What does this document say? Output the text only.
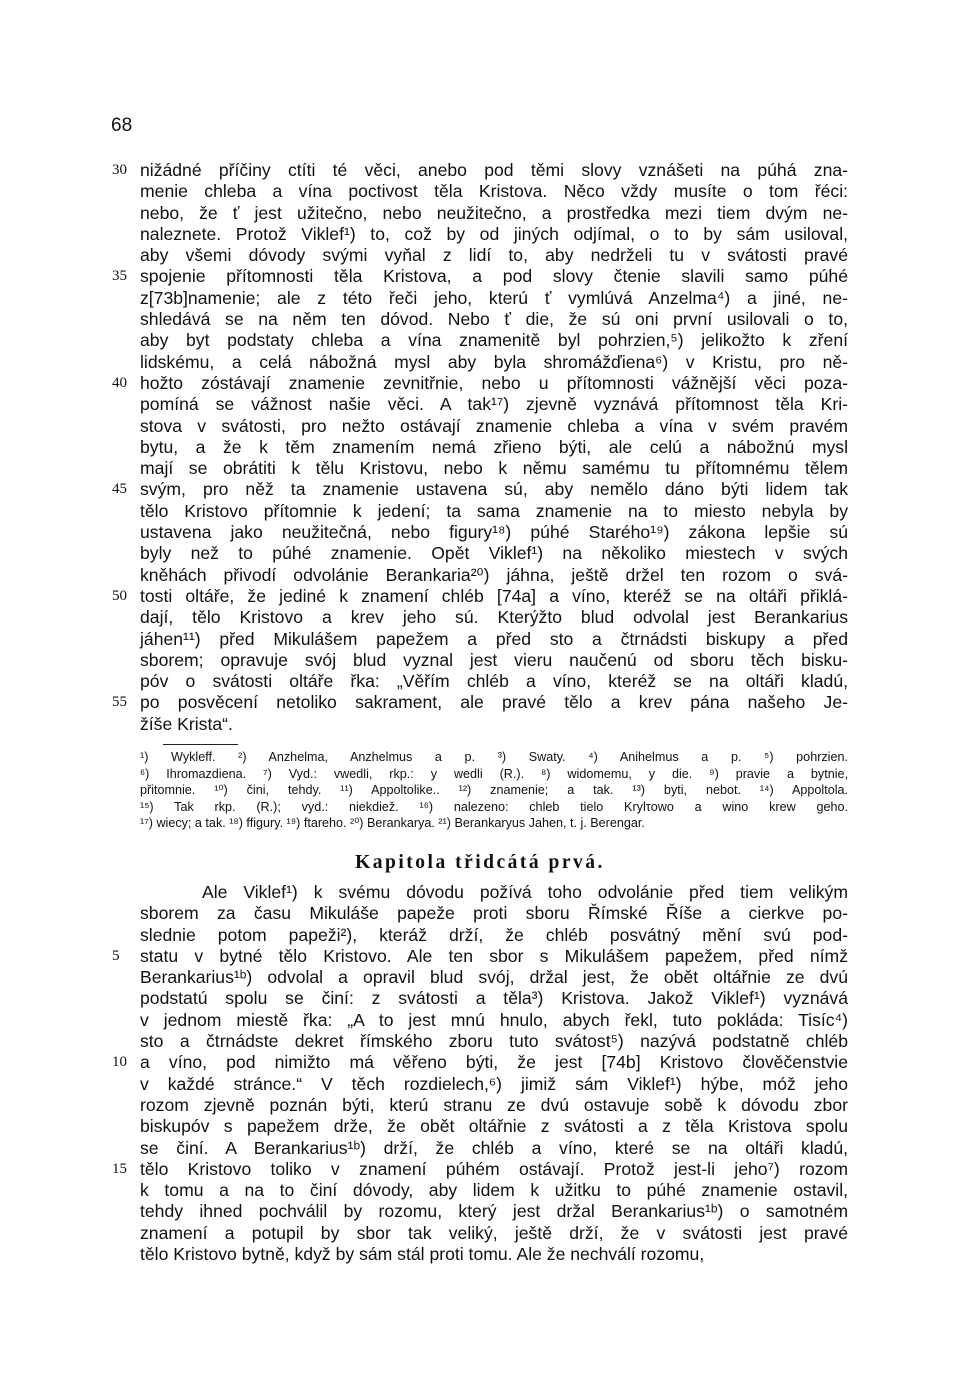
68
30 nižádné příčiny ctíti té věci, anebo pod těmi slovy vznášeti na púhá zna-
menie chleba a vína poctivost těla Kristova. Něco vždy musíte o tom řéci:
nebo, že ť jest užitečno, nebo neužitečno, a prostředka mezi tiem dvým ne-
naleznete. Protož Viklef¹) to, což by od jiných odjímal, o to by sám usiloval,
aby všemi dóvody svými vyňal z lidí to, aby nedrželi tu v svátosti pravé
35 spojenie přítomnosti těla Kristova, a pod slovy čtenie slavili samo púhé
z[73b]namenie; ale z této řeči jeho, kterú ť vymlúvá Anzelma⁴) a jiné, ne-
shledává se na něm ten dóvod. Nebo ť die, že sú oni první usilovali o to,
aby byt podstaty chleba a vína znamenitě byl pohrzien,⁵) jelikožto k zření
lidskému, a celá nábožná mysl aby byla shromážďiena⁶) v Kristu, pro ně-
40 hožto zóstávají znamenie zevnitřnie, nebo u přítomnosti vážnější věci poza-
pomíná se vážnost našie věci. A tak¹⁷) zjevně vyznává přítomnost těla Kri-
stova v svátosti, pro nežto ostávají znamenie chleba a vína v svém pravém
bytu, a že k těm znamením nemá zřieno býti, ale celú a nábožnú mysl
mají se obrátiti k tělu Kristovu, nebo k němu samému tu přítomnému tělem
45 svým, pro něž ta znamenie ustavena sú, aby nemělo dáno býti lidem tak
tělo Kristovo přítomnie k jedení; ta sama znamenie na to miesto nebyla by
ustavena jako neužitečná, nebo figury¹⁸) púhé Starého¹⁹) zákona lepšie sú
byly než to púhé znamenie. Opět Viklef¹) na několiko miestech v svých
kněhách přivodí odvolánie Berankaria²⁰) jáhna, ještě držel ten rozom o svá-
50 tosti oltáře, že jediné k znamení chléb [74a] a víno, kteréž se na oltáři přiklá-
dají, tělo Kristovo a krev jeho sú. Kterýžto blud odvolal jest Berankarius
jáhen¹¹) před Mikulášem papežem a před sto a čtrnádsti biskupy a před
sborem; opravuje svój blud vyznal jest vieru naučenú od sboru těch bisku-
póv o svátosti oltáře řka: „Věřím chléb a víno, kteréž se na oltáři kladú,
55 po posvěcení netoliko sakrament, ale pravé tělo a krev pána našeho Je-
žíše Krista“.
¹) Wykleff. ²) Anzhelma, Anzhelmus a p. ³) Swaty. ⁴) Anihelmus a p. ⁵) pohrzien.
⁶) Ihromazdiena. ⁷) Vyd.: vwedli, rkp.: y wedli (R.). ⁸) widomemu, y die. ⁹) pravie a bytnie,
přitomnie. ¹⁰) čini, tehdy. ¹¹) Appoltolike.. ¹²) znamenie; a tak. ¹³) byti, nebot. ¹⁴) Appoltola.
¹⁵) Tak rkp. (R.); vyd.: niekdiež. ¹⁶) nalezeno: chleb tielo Krylτowo a wino krew geho.
¹⁷) wiecy; a tak. ¹⁸) ffigury. ¹⁹) ftareho. ²⁰) Berankarya. ²¹) Berankaryus Jahen, t. j. Berengar.
Kapitola třidcátá prvá.
Ale Viklef¹) k svému dóvodu požívá toho odvolánie před tiem velikým
sborem za času Mikuláše papeže proti sboru Římské Říše a cierkve po-
slednie potom papeži²), kteráž drží, že chléb posvátný mění svú pod-
5	statu v bytné tělo Kristovo. Ale ten sbor s Mikulášem papežem, před nímž
Berankarius¹ᵇ) odvolal a opravil blud svój, držal jest, že obět oltářnie ze dvú
podstatú spolu se činí: z svátosti a těla³) Kristova. Jakož Viklef¹) vyznává
v jednom miestě řka: „A to jest mnú hnulo, abych řekl, tuto pokláda: Tisíc⁴)
sto a čtrnádste dekret římského zboru tuto svátost⁵) nazývá podstatně chléb
10 a víno, pod nimižto má věřeno býti, že jest [74b] Kristovo člověčenstvie
v každé stránce.“ V těch rozdielech,⁶) jimiž sám Viklef¹) hýbe, móž jeho
rozom zjevně poznán býti, kterú stranu ze dvú ostavuje sobě k dóvodu zbor
biskupóv s papežem drže, že obět oltářnie z svátosti a z těla Kristova spolu
se činí. A Berankarius¹ᵇ) drží, že chléb a víno, které se na oltáři kladú,
15 tělo Kristovo toliko v znamení púhém ostávají. Protož jest-li jeho⁷) rozom
k tomu a na to činí dóvody, aby lidem k užitku to púhé znamenie ostavil,
tehdy ihned pochválil by rozomu, který jest držal Berankarius¹ᵇ) o samotném
znamení a potupil by sbor tak veliký, ještě drží, že v svátosti jest pravé
tělo Kristovo bytně, když by sám stál proti tomu. Ale že nechválí rozomu,
